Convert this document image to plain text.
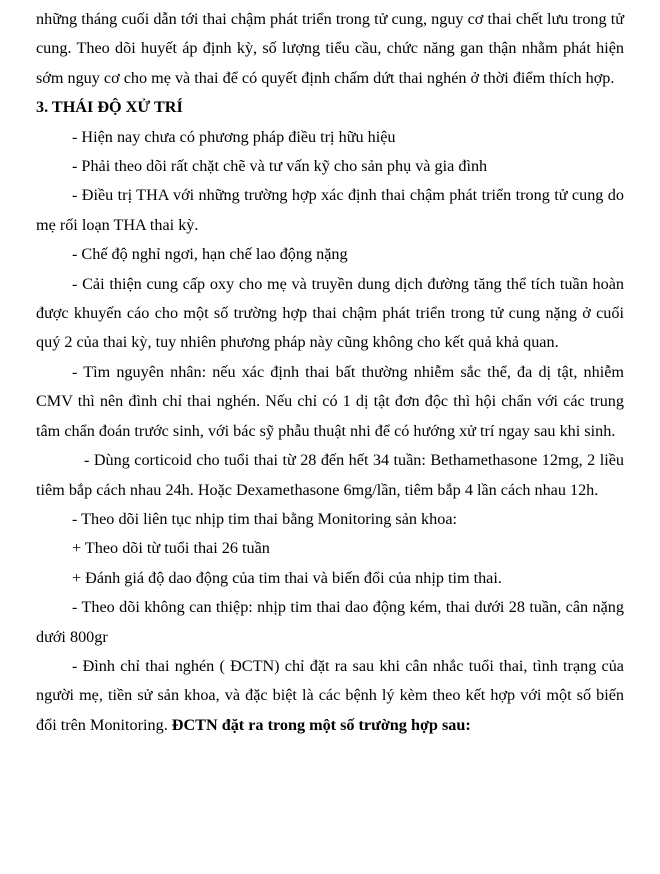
những tháng cuối dẫn tới thai chậm phát triển trong tử cung, nguy cơ thai chết lưu trong tử cung. Theo dõi huyết áp định kỳ, số lượng tiểu cầu, chức năng gan thận nhằm phát hiện sớm nguy cơ cho mẹ và thai để có quyết định chấm dứt thai nghén ở thời điểm thích hợp.

3. THÁI ĐỘ XỬ TRÍ

- Hiện nay chưa có phương pháp điều trị hữu hiệu

- Phải theo dõi rất chặt chẽ và tư vấn kỹ cho sản phụ và gia đình

- Điều trị THA với những trường hợp xác định thai chậm phát triển trong tử cung do mẹ rối loạn THA thai kỳ.

- Chế độ nghỉ ngơi, hạn chế lao động nặng

- Cải thiện cung cấp oxy cho mẹ và truyền dung dịch đường tăng thể tích tuần hoàn được khuyến cáo cho một số trường hợp thai chậm phát triển trong tử cung nặng ở cuối quý 2 của thai kỳ, tuy nhiên phương pháp này cũng không cho kết quả khả quan.

- Tìm nguyên nhân: nếu xác định thai bất thường nhiễm sắc thể, đa dị tật, nhiễm CMV thì nên đình chỉ thai nghén. Nếu chỉ có 1 dị tật đơn độc thì hội chẩn với các trung tâm chẩn đoán trước sinh, với bác sỹ phẫu thuật nhi để có hướng xử trí ngay sau khi sinh.

- Dùng corticoid cho tuổi thai từ 28 đến hết 34 tuần: Bethamethasone 12mg, 2 liều tiêm bắp cách nhau 24h. Hoặc Dexamethasone 6mg/lần, tiêm bắp 4 lần cách nhau 12h.

- Theo dõi liên tục nhịp tim thai bằng Monitoring sản khoa:

+ Theo dõi từ tuổi thai 26 tuần

+ Đánh giá độ dao động của tim thai và biến đổi của nhịp tim thai.

- Theo dõi không can thiệp: nhịp tim thai dao động kém, thai dưới 28 tuần, cân nặng dưới 800gr

- Đình chỉ thai nghén ( ĐCTN) chỉ đặt ra sau khi cân nhắc tuổi thai, tình trạng của người mẹ, tiền sử sản khoa, và đặc biệt là các bệnh lý kèm theo kết hợp với một số biến đổi trên Monitoring. ĐCTN đặt ra trong một số trường hợp sau:
